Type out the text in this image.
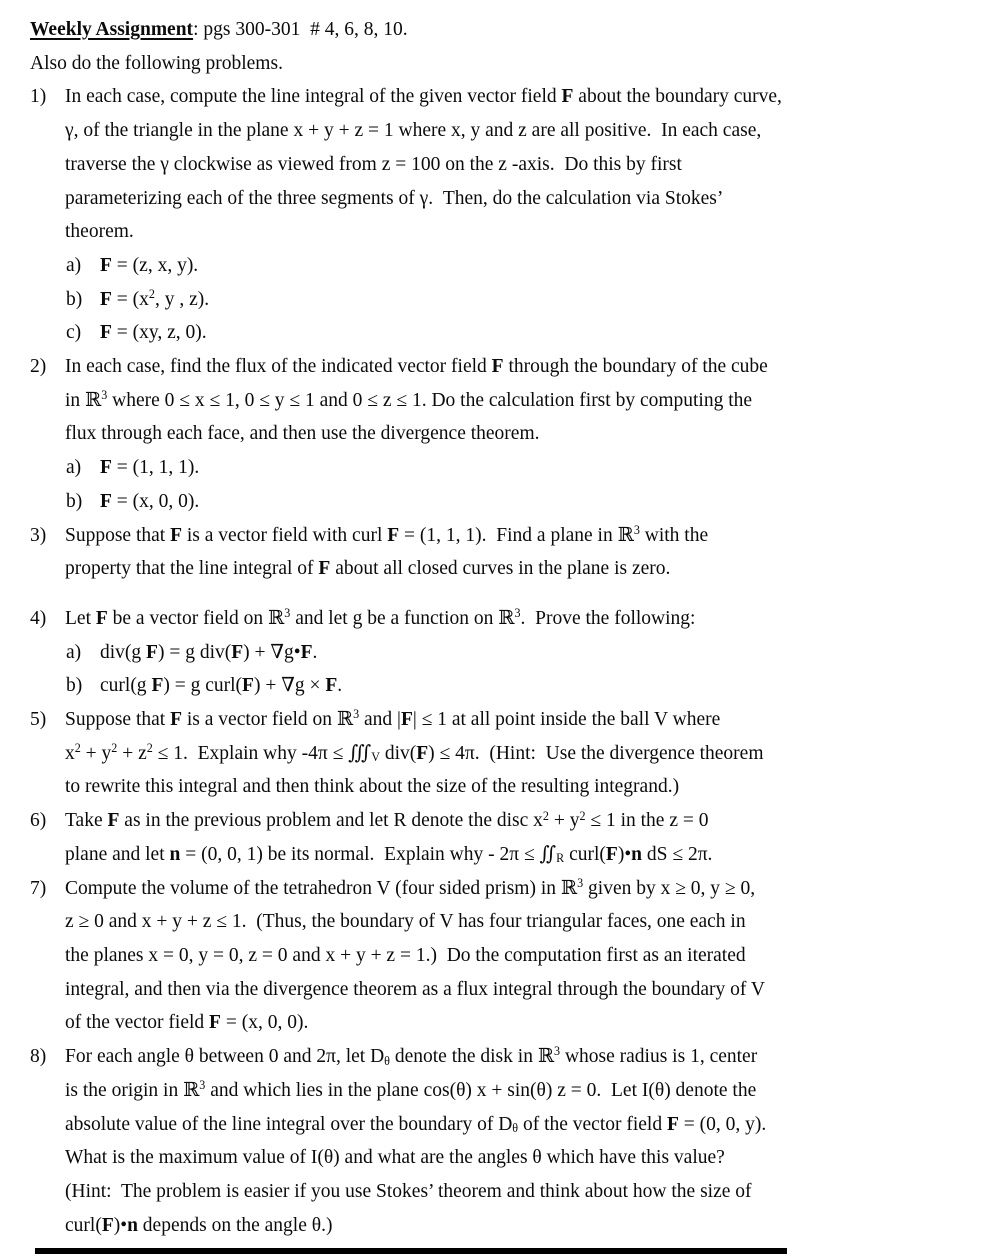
Weekly Assignment: pgs 300-301  # 4, 6, 8, 10.
Also do the following problems.
1) In each case, compute the line integral of the given vector field F about the boundary curve,
γ, of the triangle in the plane x + y + z = 1 where x, y and z are all positive.  In each case,
traverse the γ clockwise as viewed from z = 100 on the z -axis.  Do this by first
parameterizing each of the three segments of γ.  Then, do the calculation via Stokes’
theorem.
a) F = (z, x, y).
b) $F = (x^2$, y , z).
c) F = (xy, z, 0).
2) In each case, find the flux of the indicated vector field F through the boundary of the cube
in ℝ$^3$ where 0 ≤ x ≤ 1, 0 ≤ y ≤ 1 and 0 ≤ z ≤ 1. Do the calculation first by computing the
flux through each face, and then use the divergence theorem.
a) F = (1, 1, 1).
b) F = (x, 0, 0).
3) Suppose that F is a vector field with curl F = (1, 1, 1).  Find a plane in ℝ$^3$ with the
property that the line integral of F about all closed curves in the plane is zero.
4) Let F be a vector field on ℝ$^3$ and let g be a function on ℝ$^3$.  Prove the following:
a) div(g F) = g div(F) + ∇g•F.
b) curl(g F) = g curl(F) + ∇g × F.
5) Suppose that F is a vector field on ℝ$^3$ and |F| ≤ 1 at all point inside the ball V where
$x^2 + y^2 + z^2 \le 1$.  Explain why $-4\pi \le ∭_V$ div(F) ≤ 4π.  (Hint:  Use the divergence theorem
to rewrite this integral and then think about the size of the resulting integrand.)
6) Take F as in the previous problem and let R denote the disc $x^2 + y^2 \le 1$ in the z = 0
plane and let n = (0, 0, 1) be its normal.  Explain why - $2\pi \le ∬_R$ curl(F)•n dS ≤ 2π.
7) Compute the volume of the tetrahedron V (four sided prism) in ℝ$^3$ given by x ≥ 0, y ≥ 0,
z ≥ 0 and x + y + z ≤ 1.  (Thus, the boundary of V has four triangular faces, one each in
the planes x = 0, y = 0, z = 0 and x + y + z = 1.)  Do the computation first as an iterated
integral, and then via the divergence theorem as a flux integral through the boundary of V
of the vector field F = (x, 0, 0).
8) For each angle θ between 0 and 2π, let $D_\theta$ denote the disk in ℝ$^3$ whose radius is 1, center
is the origin in ℝ$^3$ and which lies in the plane cos(θ) x + sin(θ) z = 0.  Let I(θ) denote the
absolute value of the line integral over the boundary of $D_\theta$ of the vector field F = (0, 0, y).
What is the maximum value of I(θ) and what are the angles θ which have this value?
(Hint:  The problem is easier if you use Stokes’ theorem and think about how the size of
curl(F)•n depends on the angle θ.)
